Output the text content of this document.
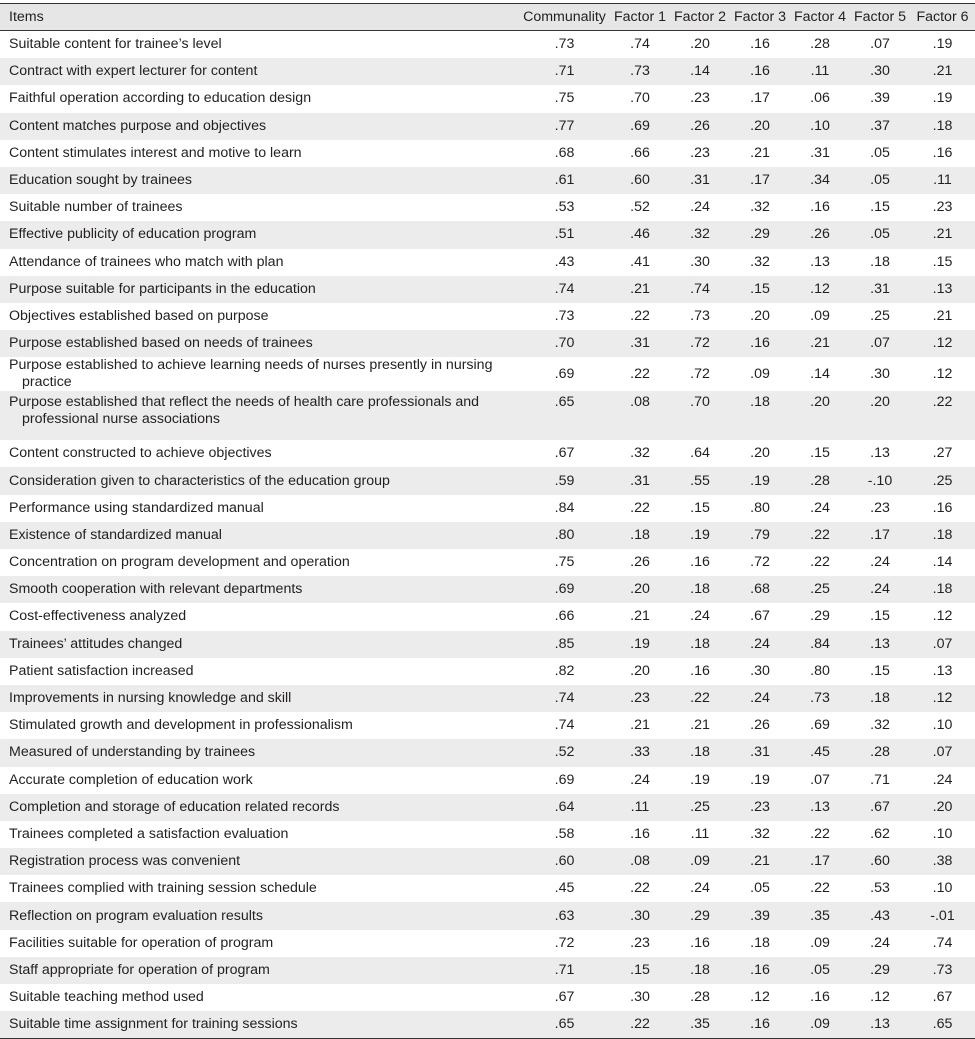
Items	Communality	Factor 1	Factor 2	Factor 3	Factor 4	Factor 5	Factor 6

Suitable content for trainee’s level	.73	.74	.20	.16	.28	.07	.19

Contract with expert lecturer for content	.71	.73	.14	.16	.11	.30	.21

Faithful operation according to education design	.75	.70	.23	.17	.06	.39	.19

Content matches purpose and objectives	.77	.69	.26	.20	.10	.37	.18

Content stimulates interest and motive to learn	.68	.66	.23	.21	.31	.05	.16

Education sought by trainees	.61	.60	.31	.17	.34	.05	.11

Suitable number of trainees	.53	.52	.24	.32	.16	.15	.23

Effective publicity of education program	.51	.46	.32	.29	.26	.05	.21

Attendance of trainees who match with plan	.43	.41	.30	.32	.13	.18	.15

Purpose suitable for participants in the education	.74	.21	.74	.15	.12	.31	.13

Objectives established based on purpose	.73	.22	.73	.20	.09	.25	.21

Purpose established based on needs of trainees	.70	.31	.72	.16	.21	.07	.12

Purpose established to achieve learning needs of nurses presently in nursing practice	.69	.22	.72	.09	.14	.30	.12

Purpose established that reflect the needs of health care professionals and professional nurse associations	.65	.08	.70	.18	.20	.20	.22

Content constructed to achieve objectives	.67	.32	.64	.20	.15	.13	.27

Consideration given to characteristics of the education group	.59	.31	.55	.19	.28	-.10	.25

Performance using standardized manual	.84	.22	.15	.80	.24	.23	.16

Existence of standardized manual	.80	.18	.19	.79	.22	.17	.18

Concentration on program development and operation	.75	.26	.16	.72	.22	.24	.14

Smooth cooperation with relevant departments	.69	.20	.18	.68	.25	.24	.18

Cost-effectiveness analyzed	.66	.21	.24	.67	.29	.15	.12

Trainees’ attitudes changed	.85	.19	.18	.24	.84	.13	.07

Patient satisfaction increased	.82	.20	.16	.30	.80	.15	.13

Improvements in nursing knowledge and skill	.74	.23	.22	.24	.73	.18	.12

Stimulated growth and development in professionalism	.74	.21	.21	.26	.69	.32	.10

Measured of understanding by trainees	.52	.33	.18	.31	.45	.28	.07

Accurate completion of education work	.69	.24	.19	.19	.07	.71	.24

Completion and storage of education related records	.64	.11	.25	.23	.13	.67	.20

Trainees completed a satisfaction evaluation	.58	.16	.11	.32	.22	.62	.10

Registration process was convenient	.60	.08	.09	.21	.17	.60	.38

Trainees complied with training session schedule	.45	.22	.24	.05	.22	.53	.10

Reflection on program evaluation results	.63	.30	.29	.39	.35	.43	-.01

Facilities suitable for operation of program	.72	.23	.16	.18	.09	.24	.74

Staff appropriate for operation of program	.71	.15	.18	.16	.05	.29	.73

Suitable teaching method used	.67	.30	.28	.12	.16	.12	.67

Suitable time assignment for training sessions	.65	.22	.35	.16	.09	.13	.65
